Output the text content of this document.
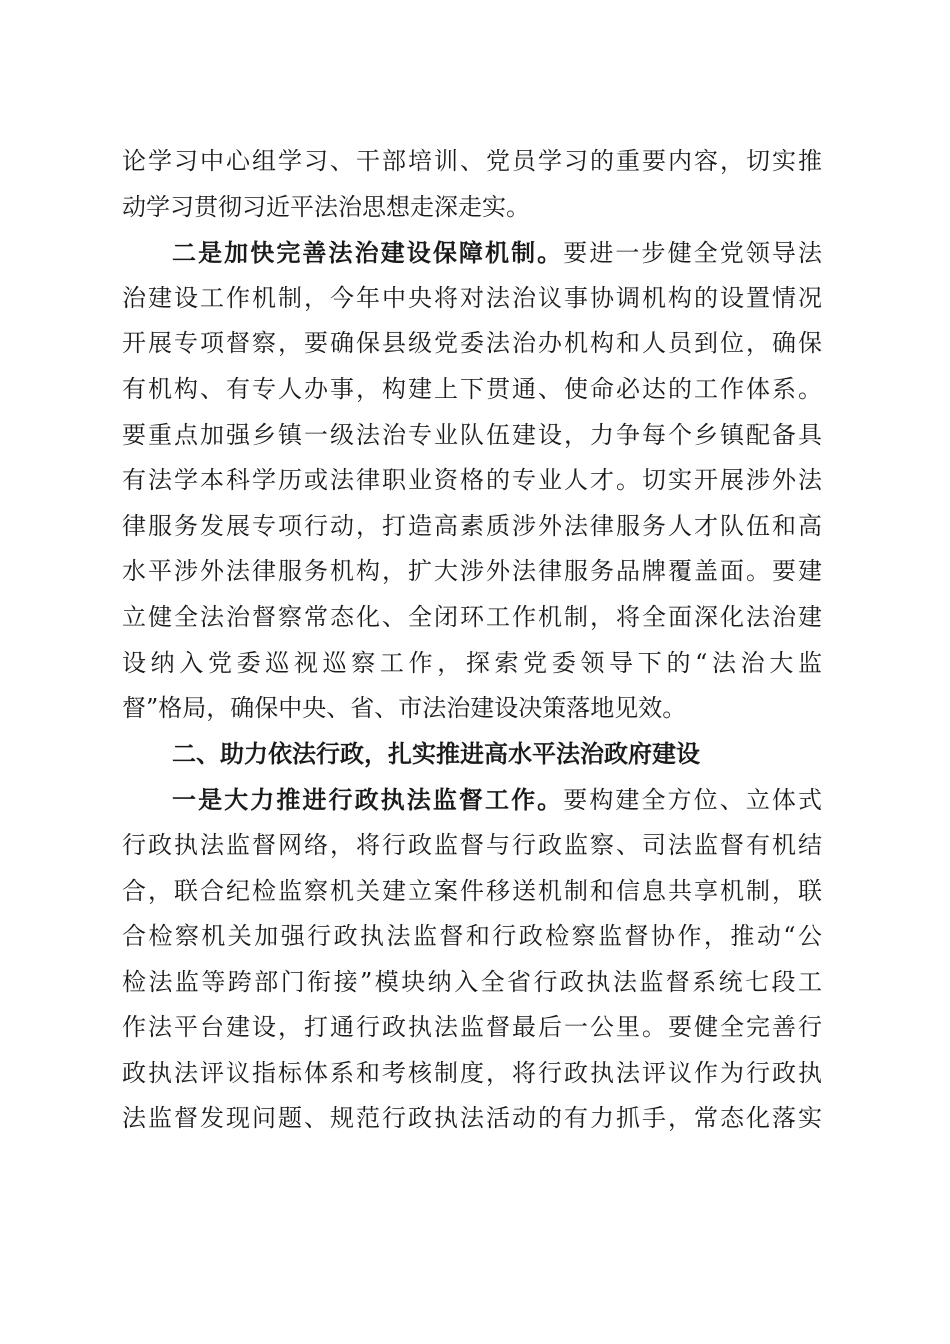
论学习中心组学习、干部培训、党员学习的重要内容，切实推
动学习贯彻习近平法治思想走深走实。
二是加快完善法治建设保障机制。要进一步健全党领导法
治建设工作机制，今年中央将对法治议事协调机构的设置情况
开展专项督察，要确保县级党委法治办机构和人员到位，确保
有机构、有专人办事，构建上下贯通、使命必达的工作体系。
要重点加强乡镇一级法治专业队伍建设，力争每个乡镇配备具
有法学本科学历或法律职业资格的专业人才。切实开展涉外法
律服务发展专项行动，打造高素质涉外法律服务人才队伍和高
水平涉外法律服务机构，扩大涉外法律服务品牌覆盖面。要建
立健全法治督察常态化、全闭环工作机制，将全面深化法治建
设纳入党委巡视巡察工作，探索党委领导下的“法治大监
督”格局，确保中央、省、市法治建设决策落地见效。
二、助力依法行政，扎实推进高水平法治政府建设
一是大力推进行政执法监督工作。要构建全方位、立体式
行政执法监督网络，将行政监督与行政监察、司法监督有机结
合，联合纪检监察机关建立案件移送机制和信息共享机制，联
合检察机关加强行政执法监督和行政检察监督协作，推动“公
检法监等跨部门衔接”模块纳入全省行政执法监督系统七段工
作法平台建设，打通行政执法监督最后一公里。要健全完善行
政执法评议指标体系和考核制度，将行政执法评议作为行政执
法监督发现问题、规范行政执法活动的有力抓手，常态化落实
